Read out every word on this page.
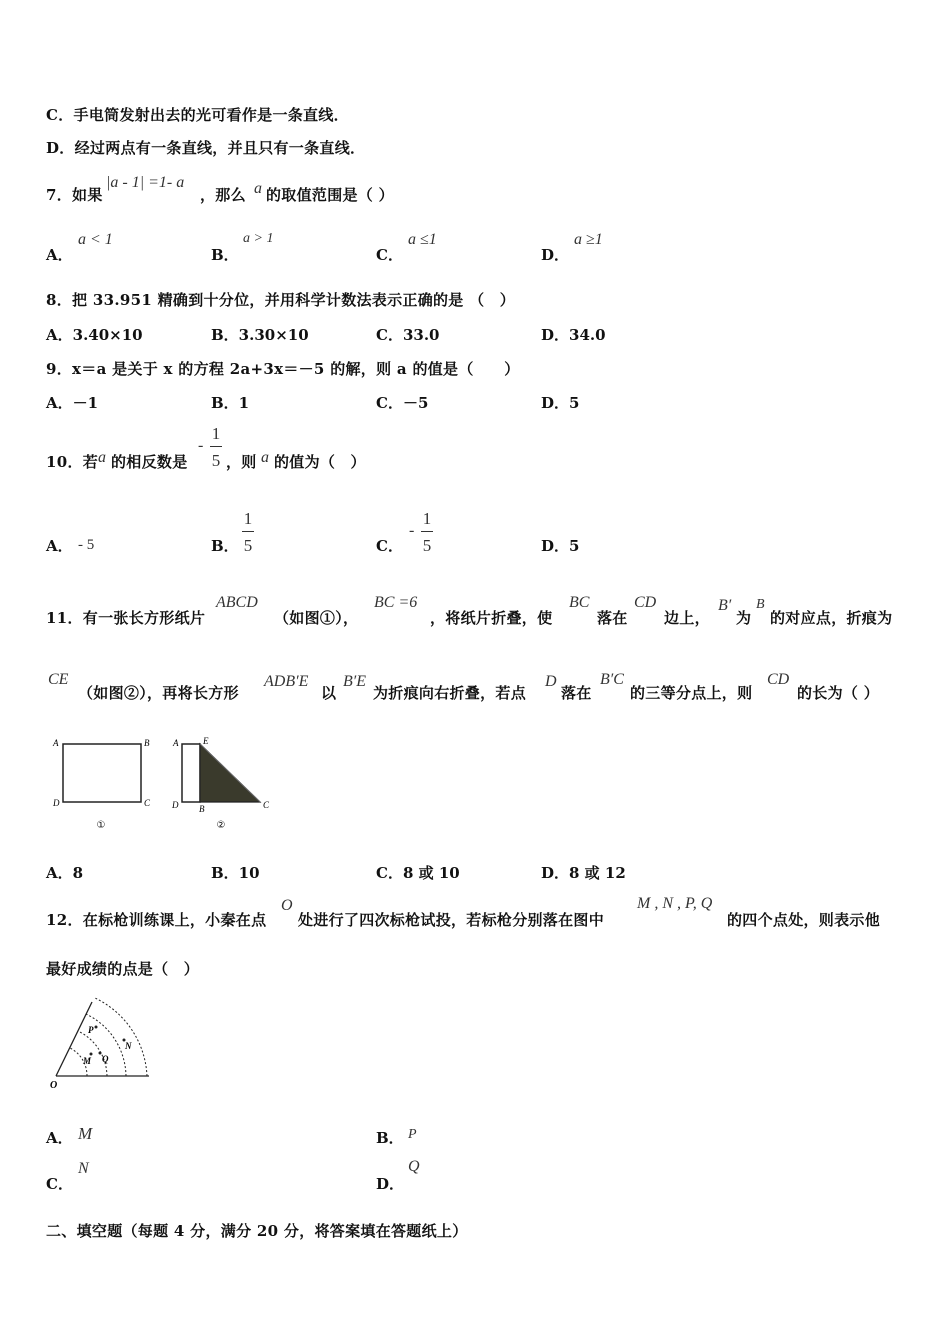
C．手电筒发射出去的光可看作是一条直线．
D．经过两点有一条直线，并且只有一条直线．
7．如果
|a - 1| =1- a
，那么 a 的取值范围是（ ）
A．
a < 1
B．
a > 1
C．
a ≤1
D．
a ≥1
8．把 33.951 精确到十分位，并用科学计数法表示正确的是 （　）
A．3.40×10	B．3.30×10	C．33.0	D．34.0
9．x＝a 是关于 x 的方程 2a+3x＝－5 的解，则 a 的值是（　　）
A．－1	B．1	C．－5	D．5
10．若 a 的相反数是
-
1
5 ，则 a 的值为（　）
A． - 5	B．
1
5	C．
-
1
5	D．5
11．有一张长方形纸片
ABCD
（如图①），
BC =6
，将纸片折叠，使
BC
落在
CD
边上，
B′
为
B
的对应点，折痕为
CE
（如图②），再将长方形
ADB′E
以
B′E
为折痕向右折叠，若点
D
落在
B′C
的三等分点上，则
CD
的长为（ ）
A	B
D	C
①
A	E
D B	C
②
A．8	B．10	C．8 或 10	D．8 或 12
12．在标枪训练课上，小秦在点
O
处进行了四次标枪试投，若标枪分别落在图中
M , N , P, Q
的四个点处，则表示他
最好成绩的点是（　）
O
P
N
M Q
A． M	B． P
C．
N
D．
Q
二、填空题（每题 4 分，满分 20 分，将答案填在答题纸上）
